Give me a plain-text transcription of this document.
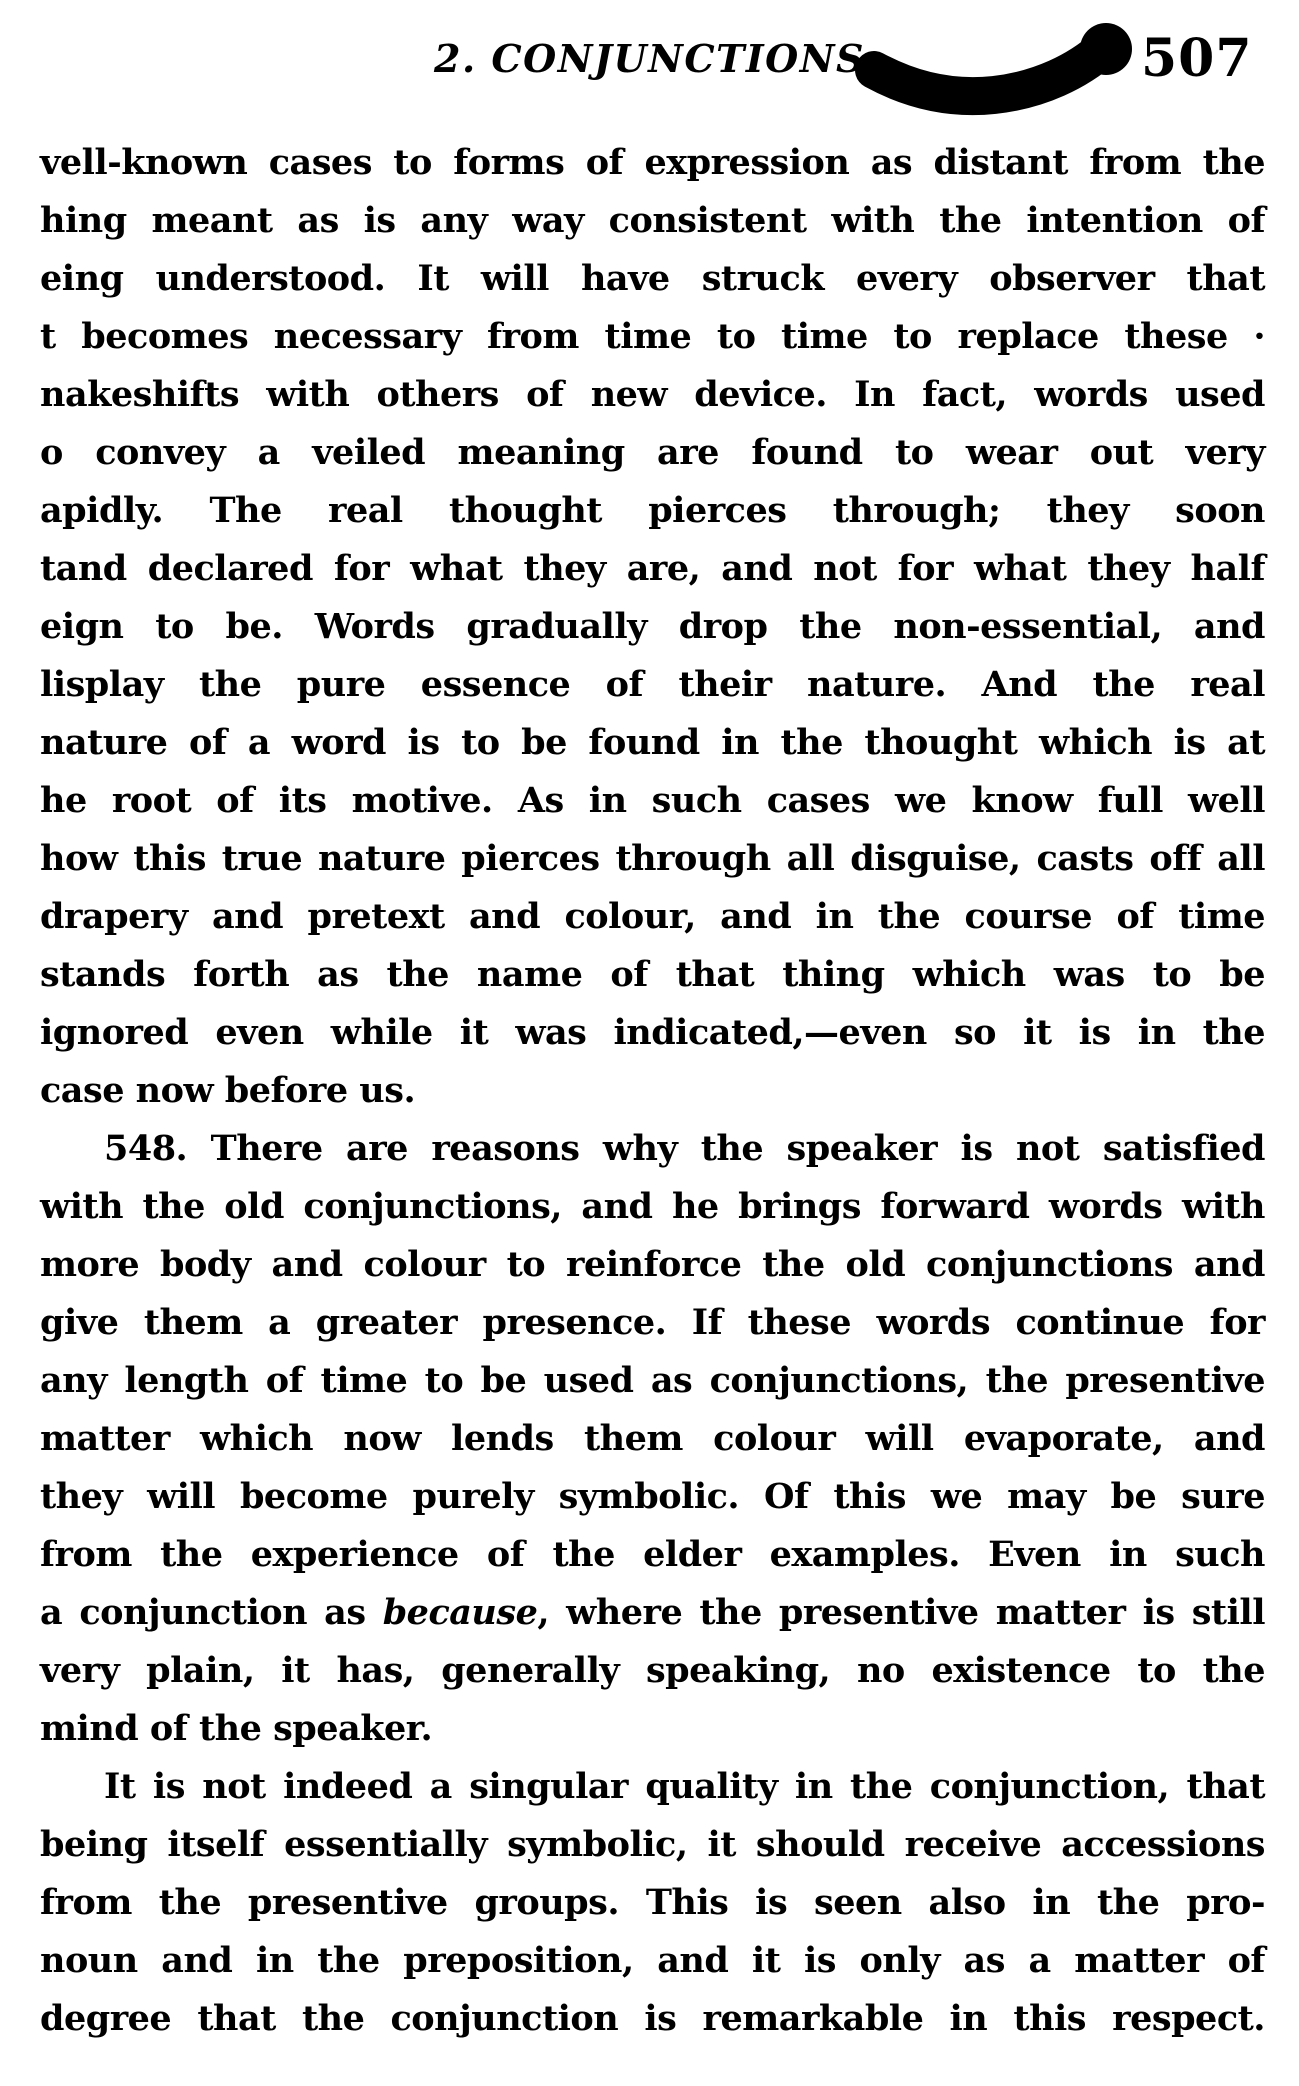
2. CONJUNCTIONS.	507
vell-known cases to forms of expression as distant from the
hing meant as is any way consistent with the intention of
eing understood. It will have struck every observer that
t becomes necessary from time to time to replace these ·
nakeshifts with others of new device. In fact, words used
o convey a veiled meaning are found to wear out very
apidly. The real thought pierces through; they soon
tand declared for what they are, and not for what they half
eign to be. Words gradually drop the non-essential, and
lisplay the pure essence of their nature. And the real
nature of a word is to be found in the thought which is at
he root of its motive. As in such cases we know full well
how this true nature pierces through all disguise, casts off all
drapery and pretext and colour, and in the course of time
stands forth as the name of that thing which was to be
ignored even while it was indicated,—even so it is in the
case now before us.
548. There are reasons why the speaker is not satisfied
with the old conjunctions, and he brings forward words with
more body and colour to reinforce the old conjunctions and
give them a greater presence. If these words continue for
any length of time to be used as conjunctions, the presentive
matter which now lends them colour will evaporate, and
they will become purely symbolic. Of this we may be sure
from the experience of the elder examples. Even in such
a conjunction as because, where the presentive matter is still
very plain, it has, generally speaking, no existence to the
mind of the speaker.
It is not indeed a singular quality in the conjunction, that
being itself essentially symbolic, it should receive accessions
from the presentive groups. This is seen also in the pro-
noun and in the preposition, and it is only as a matter of
degree that the conjunction is remarkable in this respect.
